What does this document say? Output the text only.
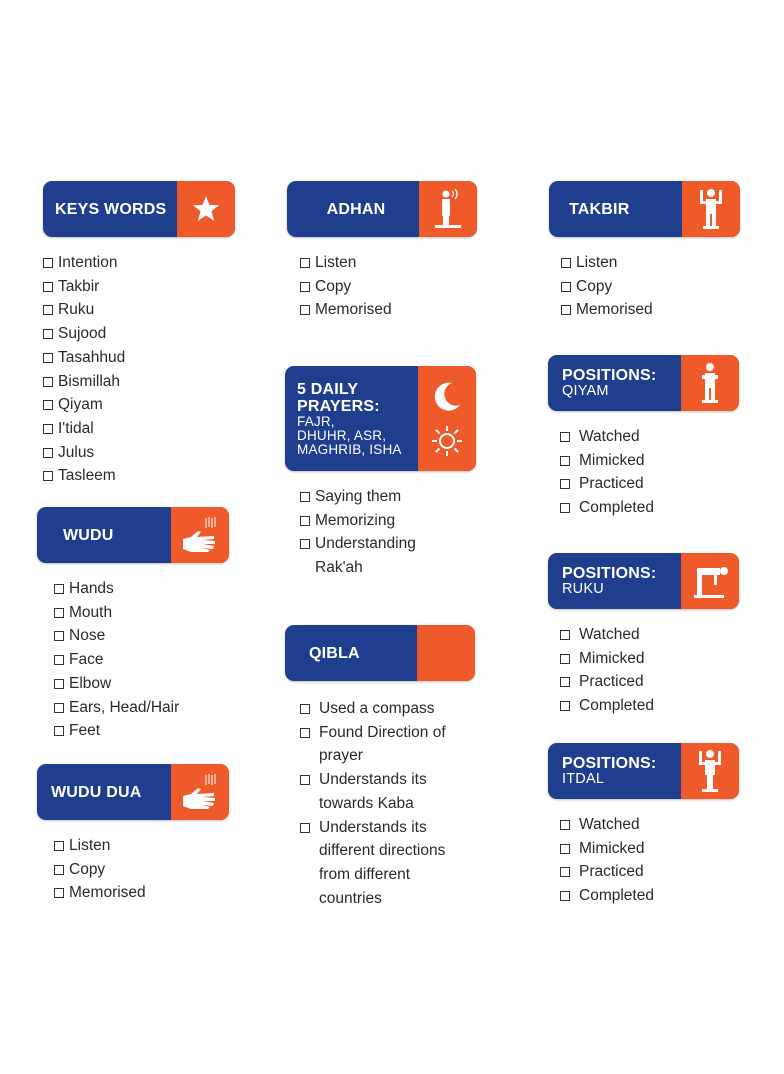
KEYS WORDS
Intention
Takbir
Ruku
Sujood
Tasahhud
Bismillah
Qiyam
I'tidal
Julus
Tasleem
WUDU
Hands
Mouth
Nose
Face
Elbow
Ears, Head/Hair
Feet
WUDU DUA
Listen
Copy
Memorised
ADHAN
Listen
Copy
Memorised
5 DAILY
PRAYERS:
FAJR,
DHUHR, ASR,
MAGHRIB, ISHA
Saying them
Memorizing
Understanding Rak'ah
QIBLA
Used a compass
Found Direction of prayer
Understands its towards Kaba
Understands its different directions from different countries
TAKBIR
Listen
Copy
Memorised
POSITIONS:
QIYAM
Watched
Mimicked
Practiced
Completed
POSITIONS:
RUKU
Watched
Mimicked
Practiced
Completed
POSITIONS:
ITDAL
Watched
Mimicked
Practiced
Completed
